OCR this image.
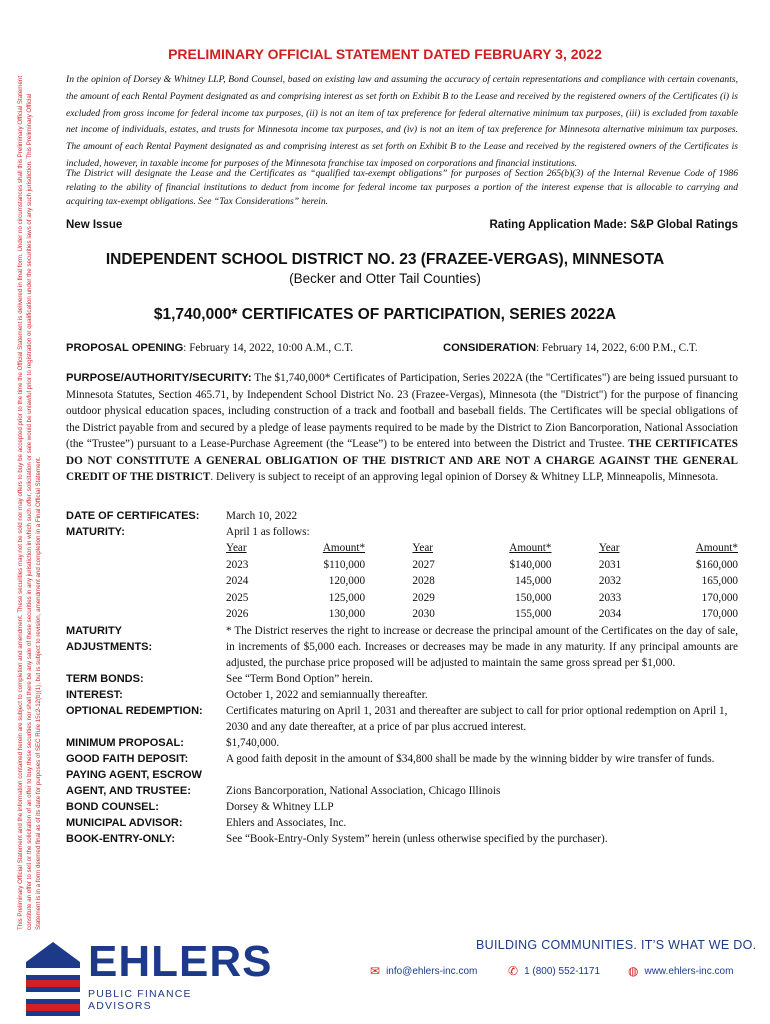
This Preliminary Official Statement and the information contained herein are subject to completion and amendment. These securities may not be sold nor may offers to buy be accepted prior to the time the Official Statement is delivered in final form. Under no circumstances shall this Preliminary Official Statement constitute an offer to sell or the solicitation of an offer to buy these securities nor shall there be any sale of these securities in any jurisdiction in which such offer, solicitation or sale would be unlawful prior to registration or qualification under the securities laws of any such jurisdiction. This Preliminary Official Statement is in a form deemed final as of its date for purposes of SEC Rule 15c2-12(b)(1), but is subject to revision, amendment and completion in a Final Official Statement.
PRELIMINARY OFFICIAL STATEMENT DATED FEBRUARY 3, 2022
In the opinion of Dorsey & Whitney LLP, Bond Counsel, based on existing law and assuming the accuracy of certain representations and compliance with certain covenants, the amount of each Rental Payment designated as and comprising interest as set forth on Exhibit B to the Lease and received by the registered owners of the Certificates (i) is excluded from gross income for federal income tax purposes, (ii) is not an item of tax preference for federal alternative minimum tax purposes, (iii) is excluded from taxable net income of individuals, estates, and trusts for Minnesota income tax purposes, and (iv) is not an item of tax preference for Minnesota alternative minimum tax purposes. The amount of each Rental Payment designated as and comprising interest as set forth on Exhibit B to the Lease and received by the registered owners of the Certificates is included, however, in taxable income for purposes of the Minnesota franchise tax imposed on corporations and financial institutions.
The District will designate the Lease and the Certificates as “qualified tax-exempt obligations” for purposes of Section 265(b)(3) of the Internal Revenue Code of 1986 relating to the ability of financial institutions to deduct from income for federal income tax purposes a portion of the interest expense that is allocable to carrying and acquiring tax-exempt obligations. See “Tax Considerations” herein.
New Issue	Rating Application Made: S&P Global Ratings
INDEPENDENT SCHOOL DISTRICT NO. 23 (FRAZEE-VERGAS), MINNESOTA
(Becker and Otter Tail Counties)
$1,740,000* CERTIFICATES OF PARTICIPATION, SERIES 2022A
PROPOSAL OPENING: February 14, 2022, 10:00 A.M., C.T.	CONSIDERATION: February 14, 2022, 6:00 P.M., C.T.
PURPOSE/AUTHORITY/SECURITY: The $1,740,000* Certificates of Participation, Series 2022A (the "Certificates") are being issued pursuant to Minnesota Statutes, Section 465.71, by Independent School District No. 23 (Frazee-Vergas), Minnesota (the "District") for the purpose of financing outdoor physical education spaces, including construction of a track and football and baseball fields. The Certificates will be special obligations of the District payable from and secured by a pledge of lease payments required to be made by the District to Zion Bancorporation, National Association (the “Trustee”) pursuant to a Lease-Purchase Agreement (the “Lease”) to be entered into between the District and Trustee. THE CERTIFICATES DO NOT CONSTITUTE A GENERAL OBLIGATION OF THE DISTRICT AND ARE NOT A CHARGE AGAINST THE GENERAL CREDIT OF THE DISTRICT. Delivery is subject to receipt of an approving legal opinion of Dorsey & Whitney LLP, Minneapolis, Minnesota.
DATE OF CERTIFICATES:	March 10, 2022
MATURITY:	April 1 as follows:
Year	Amount*		Year	Amount*		Year	Amount*
2023	$110,000		2027	$140,000		2031	$160,000
2024	120,000		2028	145,000		2032	165,000
2025	125,000		2029	150,000		2033	170,000
2026	130,000		2030	155,000		2034	170,000
MATURITY
ADJUSTMENTS:
* The District reserves the right to increase or decrease the principal amount of the Certificates on the day of sale, in increments of $5,000 each. Increases or decreases may be made in any maturity. If any principal amounts are adjusted, the purchase price proposed will be adjusted to maintain the same gross spread per $1,000.
TERM BONDS:	See “Term Bond Option” herein.
INTEREST:	October 1, 2022 and semiannually thereafter.
OPTIONAL REDEMPTION:	Certificates maturing on April 1, 2031 and thereafter are subject to call for prior optional redemption on April 1, 2030 and any date thereafter, at a price of par plus accrued interest.
MINIMUM PROPOSAL:	$1,740,000.
GOOD FAITH DEPOSIT:	A good faith deposit in the amount of $34,800 shall be made by the winning bidder by wire transfer of funds.
PAYING AGENT, ESCROW
AGENT, AND TRUSTEE:
	Zions Bancorporation, National Association, Chicago Illinois
BOND COUNSEL:	Dorsey & Whitney LLP
MUNICIPAL ADVISOR:	Ehlers and Associates, Inc.
BOOK-ENTRY-ONLY:	See “Book-Entry-Only System” herein (unless otherwise specified by the purchaser).
EHLERS
PUBLIC FINANCE ADVISORS
BUILDING COMMUNITIES. IT’S WHAT WE DO.
✉ info@ehlers-inc.com	✆ 1 (800) 552-1171 ◍ www.ehlers-inc.com
